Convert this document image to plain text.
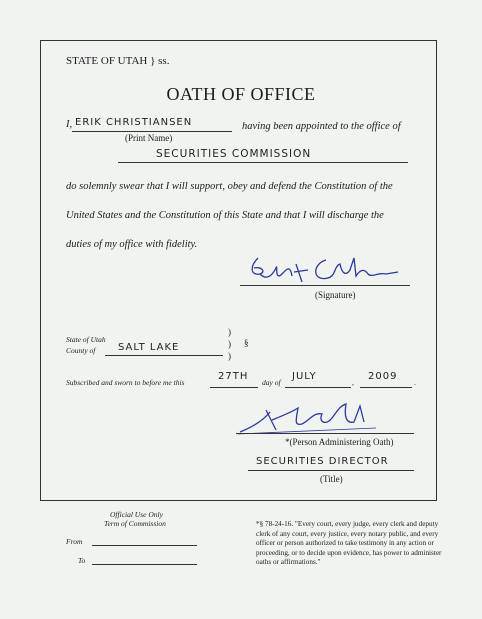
STATE OF UTAH } ss.
OATH OF OFFICE
I, ERIK CHRISTIANSEN	having been appointed to the office of
(Print Name)
SECURITIES COMMISSION
do solemnly swear that I will support, obey and defend the Constitution of the
United States and the Constitution of this State and that I will discharge the
duties of my office with fidelity.
(Signature)
State of Utah
County of SALT LAKE
)
)
)
§
Subscribed and sworn to before me this
27TH
day of
JULY
,
2009
.
*(Person Administering Oath)
SECURITIES DIRECTOR
(Title)
Official Use Only
Term of Commission
From
To
*§ 78-24-16. "Every court, every judge, every clerk and deputy clerk of any court, every justice, every notary public, and every officer or person authorized to take testimony in any action or proceeding, or to decide upon evidence, has power to administer oaths or affirmations."
